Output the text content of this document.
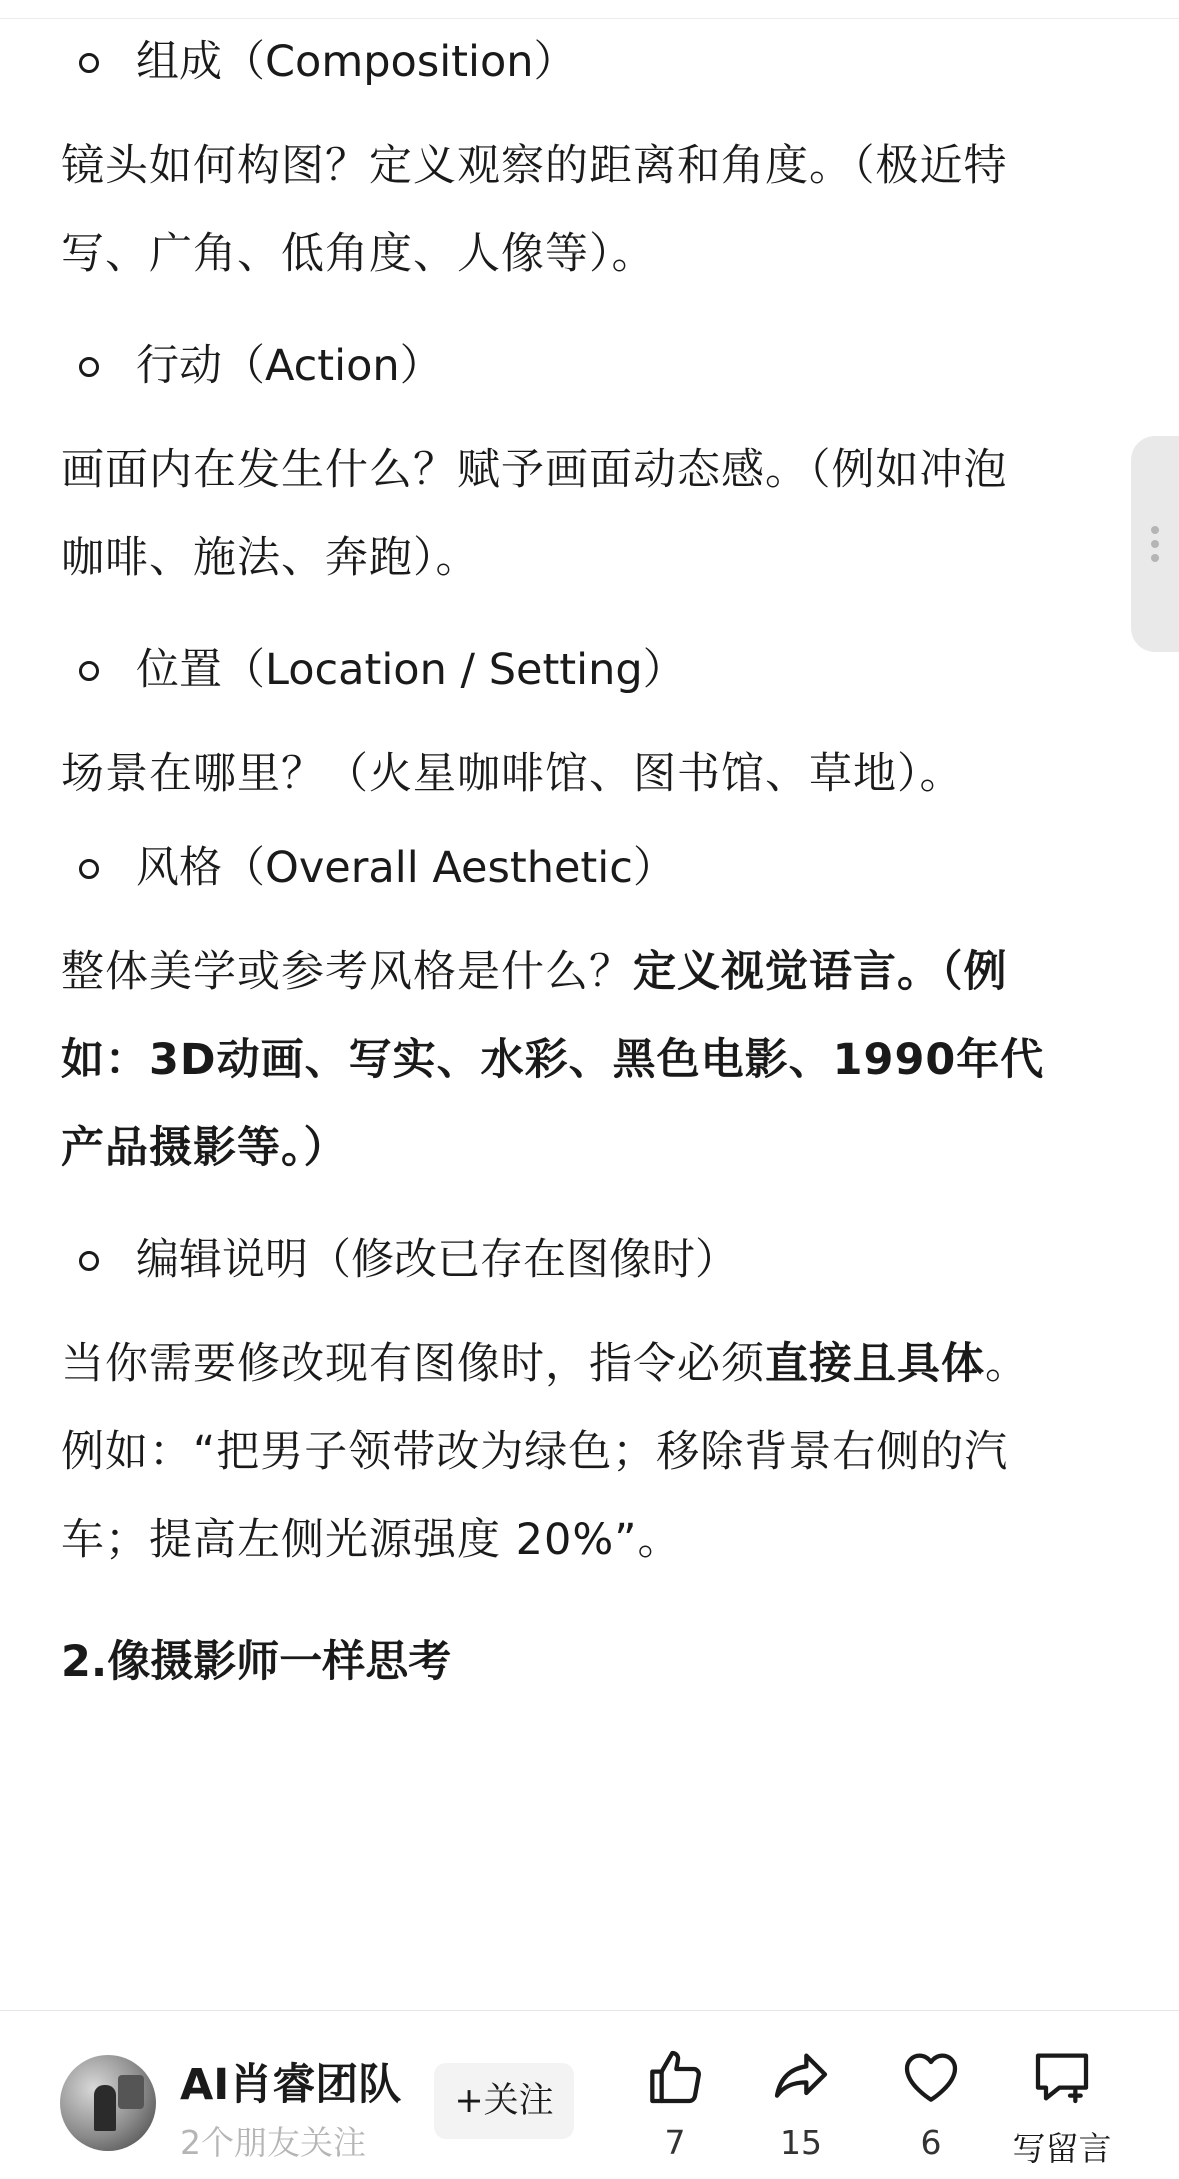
组成（Composition）
镜头如何构图？定义观察的距离和角度。（极近特
写、广角、低角度、人像等）。
行动（Action）
画面内在发生什么？赋予画面动态感。（例如冲泡
咖啡、施法、奔跑）。
位置（Location / Setting）
场景在哪里？（火星咖啡馆、图书馆、草地）。
风格（Overall Aesthetic）
整体美学或参考风格是什么？定义视觉语言。（例
如：3D动画、写实、水彩、黑色电影、1990年代
产品摄影等。）
编辑说明（修改已存在图像时）
当你需要修改现有图像时，指令必须直接且具体。
例如：“把男子领带改为绿色；移除背景右侧的汽
车；提高左侧光源强度 20%”。
2.像摄影师一样思考
AI肖睿团队
2个朋友关注
+关注
7	15	6	写留言
